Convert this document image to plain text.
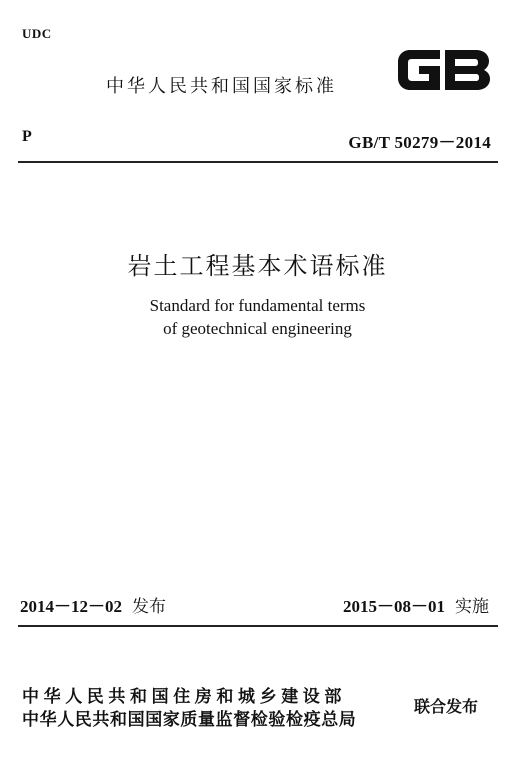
UDC
中华人民共和国国家标准
GB
P	GB/T 50279－2014
岩土工程基本术语标准
Standard for fundamental terms
of geotechnical engineering
2014－12－02 发布	2015－08－01 实施
中华人民共和国住房和城乡建设部
中华人民共和国国家质量监督检验检疫总局
联合发布
